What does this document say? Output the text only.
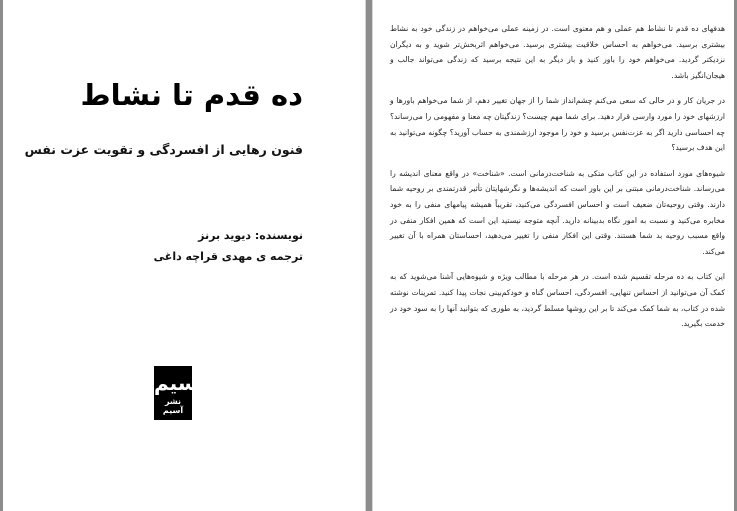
ده قدم تا نشاط
فنون رهایی از افسردگی و تقویت عزت نفس
نویسنده: دیوید برنز
ترجمه ی مهدی قراچه داغی
آسیم
نشر آسیم

هدفهای ده قدم تا نشاط هم عملی و هم معنوی است. در زمینه عملی می‌خواهم در زندگی خود به نشاط بیشتری برسید. می‌خواهم به احساس خلاقیت بیشتری برسید. می‌خواهم اثربخش‌تر شوید و به دیگران نزدیکتر گردید. می‌خواهم خود را باور کنید و بار دیگر به این نتیجه برسید که زندگی می‌تواند جالب و هیجان‌انگیز باشد.

در جریان کار و در حالی که سعی می‌کنم چشم‌انداز شما را از جهان تغییر دهم، از شما می‌خواهم باورها و ارزشهای خود را مورد وارسی قرار دهید. برای شما مهم چیست؟ زندگیتان چه معنا و مفهومی را می‌رساند؟ چه احساسی دارید اگر به عزت‌نفس برسید و خود را موجود ارزشمندی به حساب آورید؟ چگونه می‌توانید به این هدف برسید؟

شیوه‌های مورد استفاده در این کتاب متکی به شناخت‌درمانی است. «شناخت» در واقع معنای اندیشه را می‌رساند. شناخت‌درمانی مبتنی بر این باور است که اندیشه‌ها و نگرشهایتان تأثیر قدرتمندی بر روحیه شما دارند. وقتی روحیه‌تان ضعیف است و احساس افسردگی می‌کنید، تقریباً همیشه پیامهای منفی را به خود مخابره می‌کنید و نسبت به امور نگاه بدبینانه دارید. آنچه متوجه نیستید این است که همین افکار منفی در واقع مسبب روحیه بد شما هستند. وقتی این افکار منفی را تغییر می‌دهید، احساستان همراه با آن تغییر می‌کند.

این کتاب به ده مرحله تقسیم شده است. در هر مرحله با مطالب ویژه و شیوه‌هایی آشنا می‌شوید که به کمک آن می‌توانید از احساس تنهایی، افسردگی، احساس گناه و خودکم‌بینی نجات پیدا کنید. تمرینات نوشته شده در کتاب، به شما کمک می‌کند تا بر این روشها مسلط گردید، به طوری که بتوانید آنها را به سود خود در خدمت بگیرید.
